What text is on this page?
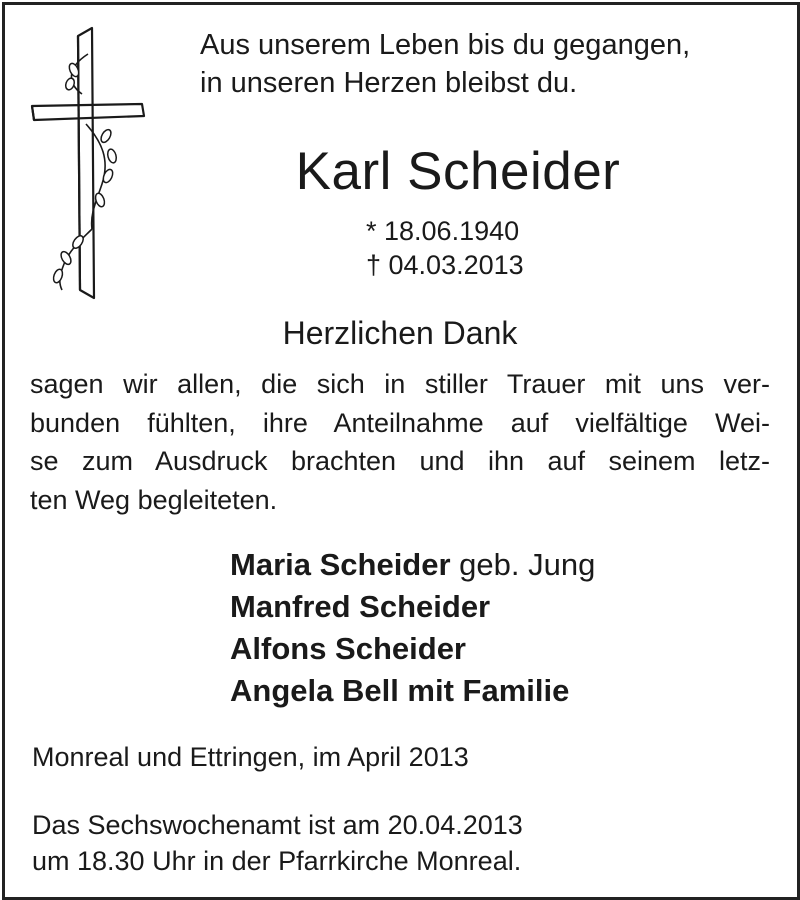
Aus unserem Leben bis du gegangen,
in unseren Herzen bleibst du.
Karl Scheider
* 18.06.1940
† 04.03.2013
Herzlichen Dank
sagen wir allen, die sich in stiller Trauer mit uns ver-
bunden fühlten, ihre Anteilnahme auf vielfältige Wei-
se zum Ausdruck brachten und ihn auf seinem letz-
ten Weg begleiteten.
Maria Scheider geb. Jung
Manfred Scheider
Alfons Scheider
Angela Bell mit Familie
Monreal und Ettringen, im April 2013
Das Sechswochenamt ist am 20.04.2013
um 18.30 Uhr in der Pfarrkirche Monreal.
